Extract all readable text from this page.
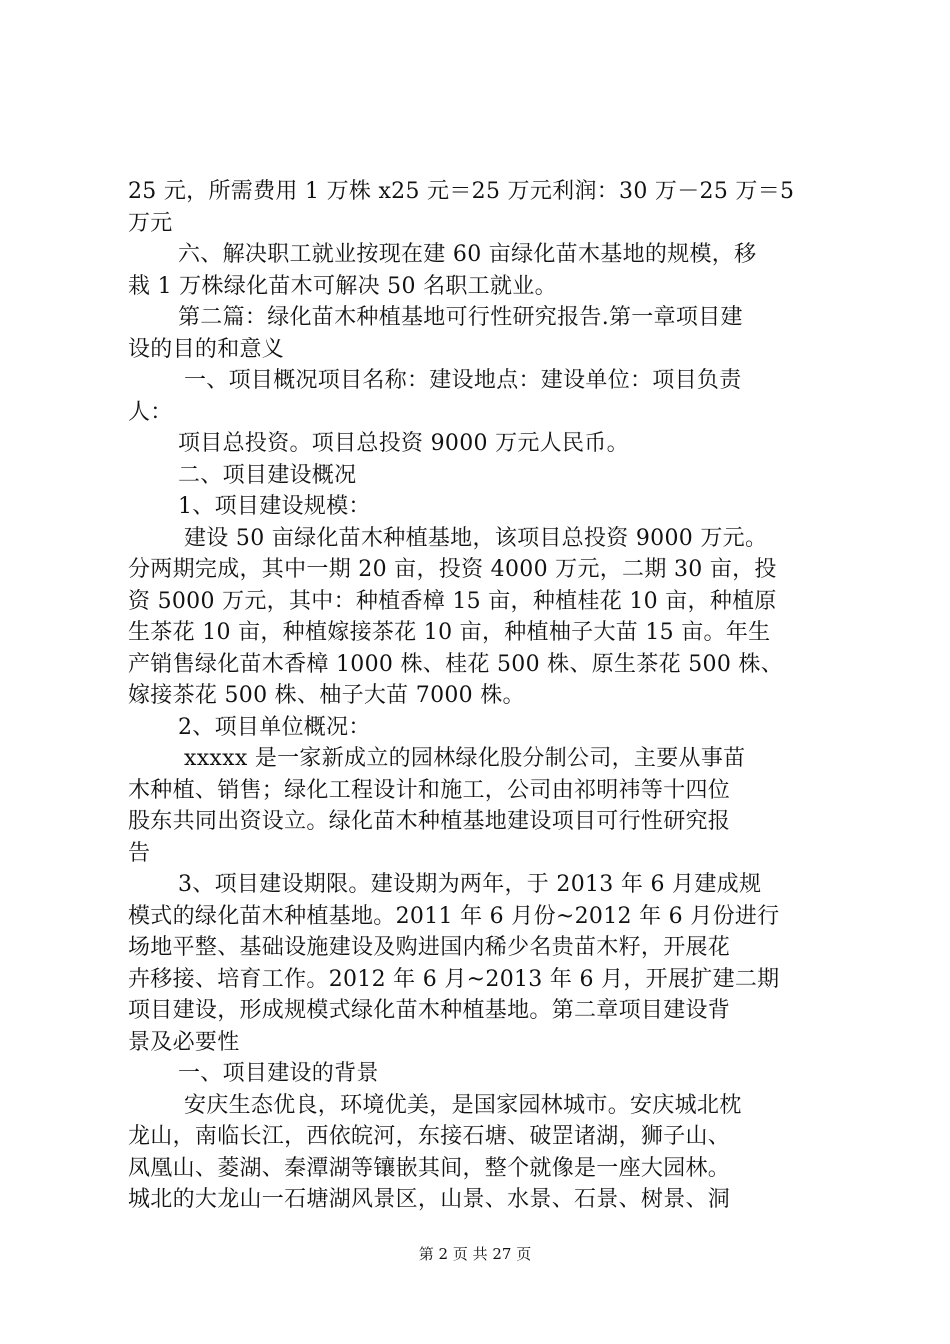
25 元，所需费用 1 万株 x25 元＝25 万元利润：30 万－25 万＝5
万元
六、解决职工就业按现在建 60 亩绿化苗木基地的规模，移
栽 1 万株绿化苗木可解决 50 名职工就业。
第二篇：绿化苗木种植基地可行性研究报告.第一章项目建
设的目的和意义
一、项目概况项目名称：建设地点：建设单位：项目负责
人：
项目总投资。项目总投资 9000 万元人民币。
二、项目建设概况
1、项目建设规模：
建设 50 亩绿化苗木种植基地，该项目总投资 9000 万元。
分两期完成，其中一期 20 亩，投资 4000 万元，二期 30 亩，投
资 5000 万元，其中：种植香樟 15 亩，种植桂花 10 亩，种植原
生茶花 10 亩，种植嫁接茶花 10 亩，种植柚子大苗 15 亩。年生
产销售绿化苗木香樟 1000 株、桂花 500 株、原生茶花 500 株、
嫁接茶花 500 株、柚子大苗 7000 株。
2、项目单位概况：
xxxxx 是一家新成立的园林绿化股分制公司，主要从事苗
木种植、销售；绿化工程设计和施工，公司由祁明祎等十四位
股东共同出资设立。绿化苗木种植基地建设项目可行性研究报
告
3、项目建设期限。建设期为两年，于 2013 年 6 月建成规
模式的绿化苗木种植基地。2011 年 6 月份~2012 年 6 月份进行
场地平整、基础设施建设及购进国内稀少名贵苗木籽，开展花
卉移接、培育工作。2012 年 6 月~2013 年 6 月，开展扩建二期
项目建设，形成规模式绿化苗木种植基地。第二章项目建设背
景及必要性
一、项目建设的背景
安庆生态优良，环境优美，是国家园林城市。安庆城北枕
龙山，南临长江，西依皖河，东接石塘、破罡诸湖，狮子山、
凤凰山、菱湖、秦潭湖等镶嵌其间，整个就像是一座大园林。
城北的大龙山一石塘湖风景区，山景、水景、石景、树景、洞
第 2 页 共 27 页
